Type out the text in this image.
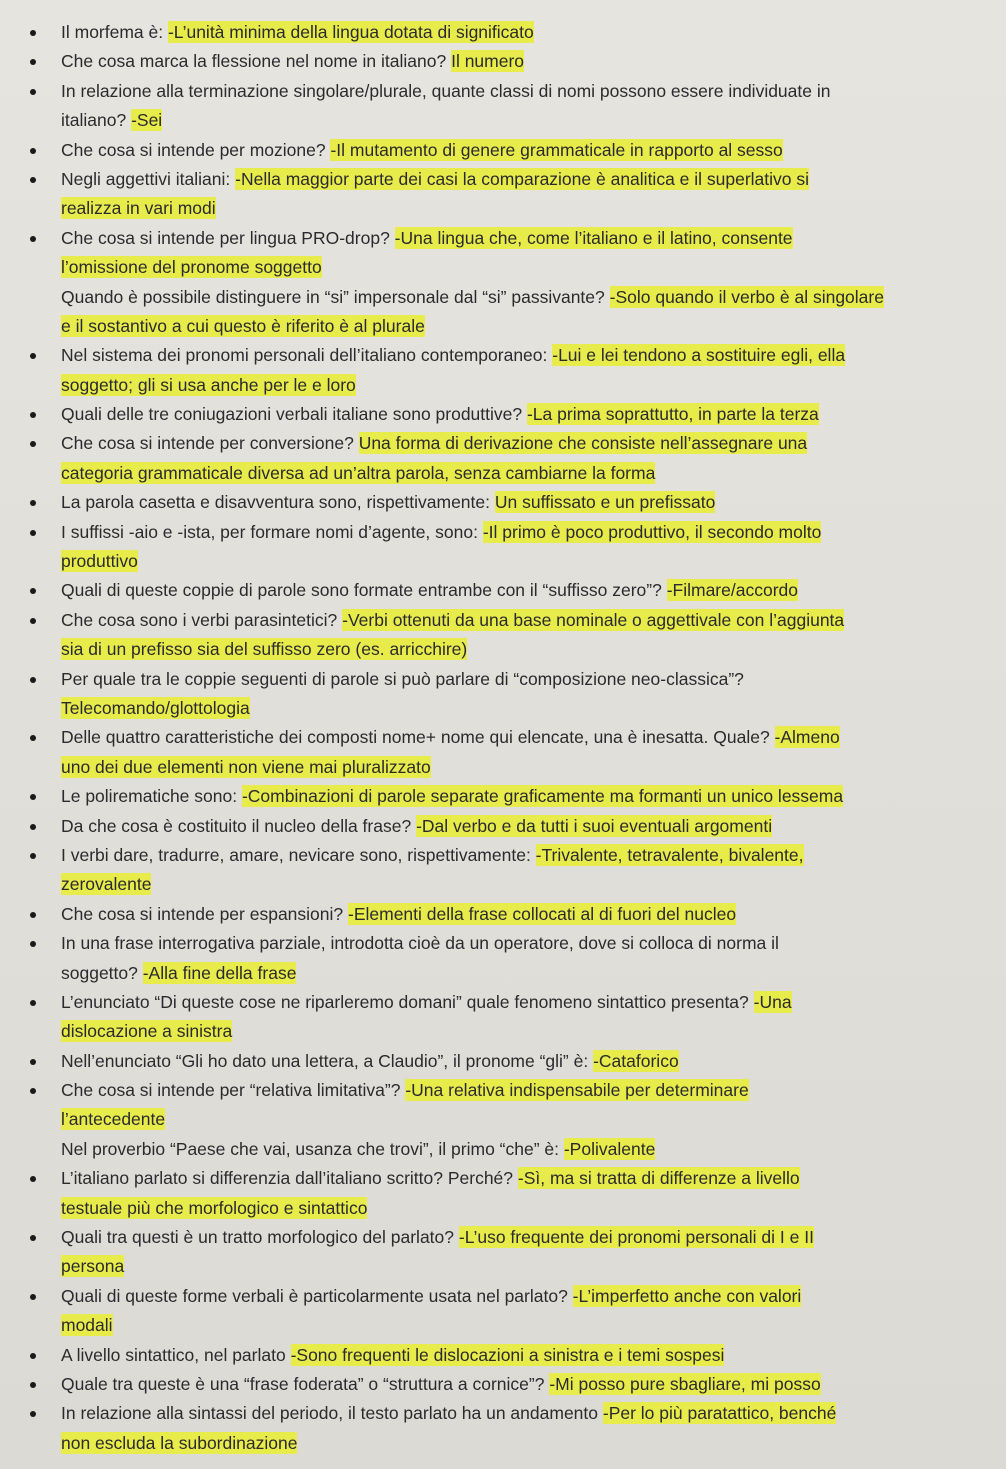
Il morfema è: -L’unità minima della lingua dotata di significato
Che cosa marca la flessione nel nome in italiano? Il numero
In relazione alla terminazione singolare/plurale, quante classi di nomi possono essere individuate in
italiano? -Sei
Che cosa si intende per mozione? -Il mutamento di genere grammaticale in rapporto al sesso
Negli aggettivi italiani: -Nella maggior parte dei casi la comparazione è analitica e il superlativo si
realizza in vari modi
Che cosa si intende per lingua PRO-drop? -Una lingua che, come l’italiano e il latino, consente
l’omissione del pronome soggetto
Quando è possibile distinguere in “si” impersonale dal “si” passivante? -Solo quando il verbo è al singolare
e il sostantivo a cui questo è riferito è al plurale
Nel sistema dei pronomi personali dell’italiano contemporaneo: -Lui e lei tendono a sostituire egli, ella
soggetto; gli si usa anche per le e loro
Quali delle tre coniugazioni verbali italiane sono produttive? -La prima soprattutto, in parte la terza
Che cosa si intende per conversione? Una forma di derivazione che consiste nell’assegnare una
categoria grammaticale diversa ad un’altra parola, senza cambiarne la forma
La parola casetta e disavventura sono, rispettivamente: Un suffissato e un prefissato
I suffissi -aio e -ista, per formare nomi d’agente, sono: -Il primo è poco produttivo, il secondo molto
produttivo
Quali di queste coppie di parole sono formate entrambe con il “suffisso zero”? -Filmare/accordo
Che cosa sono i verbi parasintetici? -Verbi ottenuti da una base nominale o aggettivale con l’aggiunta
sia di un prefisso sia del suffisso zero (es. arricchire)
Per quale tra le coppie seguenti di parole si può parlare di “composizione neo-classica”?
Telecomando/glottologia
Delle quattro caratteristiche dei composti nome+ nome qui elencate, una è inesatta. Quale? -Almeno
uno dei due elementi non viene mai pluralizzato
Le polirematiche sono: -Combinazioni di parole separate graficamente ma formanti un unico lessema
Da che cosa è costituito il nucleo della frase? -Dal verbo e da tutti i suoi eventuali argomenti
I verbi dare, tradurre, amare, nevicare sono, rispettivamente: -Trivalente, tetravalente, bivalente,
zerovalente
Che cosa si intende per espansioni? -Elementi della frase collocati al di fuori del nucleo
In una frase interrogativa parziale, introdotta cioè da un operatore, dove si colloca di norma il
soggetto? -Alla fine della frase
L’enunciato “Di queste cose ne riparleremo domani” quale fenomeno sintattico presenta? -Una
dislocazione a sinistra
Nell’enunciato “Gli ho dato una lettera, a Claudio”, il pronome “gli” è: -Cataforico
Che cosa si intende per “relativa limitativa”? -Una relativa indispensabile per determinare
l’antecedente
Nel proverbio “Paese che vai, usanza che trovi”, il primo “che” è: -Polivalente
L’italiano parlato si differenzia dall’italiano scritto? Perché? -Sì, ma si tratta di differenze a livello
testuale più che morfologico e sintattico
Quali tra questi è un tratto morfologico del parlato? -L’uso frequente dei pronomi personali di I e II
persona
Quali di queste forme verbali è particolarmente usata nel parlato? -L’imperfetto anche con valori
modali
A livello sintattico, nel parlato -Sono frequenti le dislocazioni a sinistra e i temi sospesi
Quale tra queste è una “frase foderata” o “struttura a cornice”? -Mi posso pure sbagliare, mi posso
In relazione alla sintassi del periodo, il testo parlato ha un andamento -Per lo più paratattico, benché
non escluda la subordinazione
